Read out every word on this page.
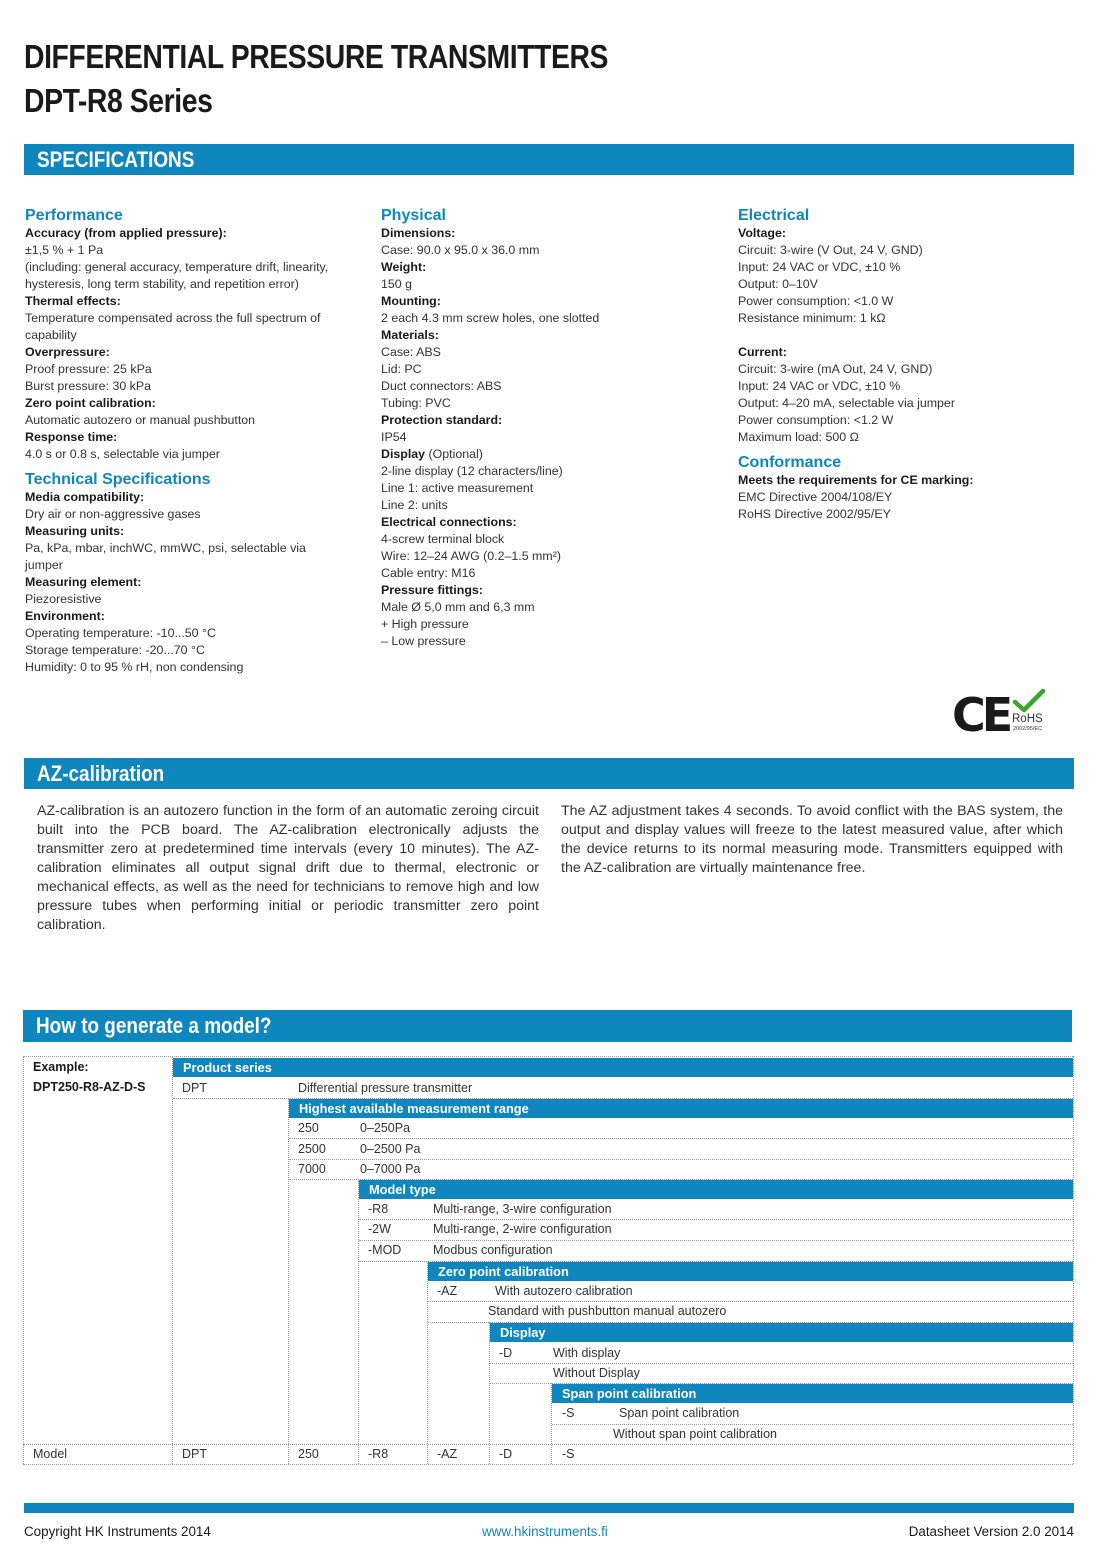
DIFFERENTIAL PRESSURE TRANSMITTERS
DPT-R8 Series
SPECIFICATIONS
Performance
Accuracy (from applied pressure):
±1,5 % + 1 Pa
(including: general accuracy, temperature drift, linearity,
hysteresis, long term stability, and repetition error)
Thermal effects:
Temperature compensated across the full spectrum of
capability
Overpressure:
Proof pressure: 25 kPa
Burst pressure: 30 kPa
Zero point calibration:
Automatic autozero or manual pushbutton
Response time:
4.0 s or 0.8 s, selectable via jumper
Technical Specifications
Media compatibility:
Dry air or non-aggressive gases
Measuring units:
Pa, kPa, mbar, inchWC, mmWC, psi, selectable via
jumper
Measuring element:
Piezoresistive
Environment:
Operating temperature: -10...50 °C
Storage temperature: -20...70 °C
Humidity: 0 to 95 % rH, non condensing
Physical
Dimensions:
Case: 90.0 x 95.0 x 36.0 mm
Weight:
150 g
Mounting:
2 each 4.3 mm screw holes, one slotted
Materials:
Case: ABS
Lid: PC
Duct connectors: ABS
Tubing: PVC
Protection standard:
IP54
Display (Optional)
2-line display (12 characters/line)
Line 1: active measurement
Line 2: units
Electrical connections:
4-screw terminal block
Wire: 12–24 AWG (0.2–1.5 mm²)
Cable entry: M16
Pressure fittings:
Male Ø 5,0 mm and 6,3 mm
+ High pressure
– Low pressure
Electrical
Voltage:
Circuit: 3-wire (V Out, 24 V, GND)
Input: 24 VAC or VDC, ±10 %
Output: 0–10V
Power consumption: <1.0 W
Resistance minimum: 1 kΩ
Current:
Circuit: 3-wire (mA Out, 24 V, GND)
Input: 24 VAC or VDC, ±10 %
Output: 4–20 mA, selectable via jumper
Power consumption: <1.2 W
Maximum load: 500 Ω
Conformance
Meets the requirements for CE marking:
EMC Directive 2004/108/EY
RoHS Directive 2002/95/EY
CE RoHS
2002/95/EC
AZ-calibration
AZ-calibration is an autozero function in the form of an automatic zeroing circuit built into the PCB board. The AZ-calibration electronically adjusts the transmitter zero at predetermined time intervals (every 10 minutes). The AZ-calibration eliminates all output signal drift due to thermal, electronic or mechanical effects, as well as the need for technicians to remove high and low pressure tubes when performing initial or periodic transmitter zero point calibration.
The AZ adjustment takes 4 seconds. To avoid conflict with the BAS system, the output and display values will freeze to the latest measured value, after which the device returns to its normal measuring mode. Transmitters equipped with the AZ-calibration are virtually maintenance free.
How to generate a model?
Example:
DPT250-R8-AZ-D-S
Product series
DPT	Differential pressure transmitter
Highest available measurement range
250	0–250Pa
2500	0–2500 Pa
7000	0–7000 Pa
Model type
-R8	Multi-range, 3-wire configuration
-2W	Multi-range, 2-wire configuration
-MOD	Modbus configuration
Zero point calibration
-AZ	With autozero calibration
Standard with pushbutton manual autozero
Display
-D	With display
Without Display
Span point calibration
-S	Span point calibration
Without span point calibration
Model	DPT	250	-R8	-AZ	-D	-S
Copyright HK Instruments 2014	www.hkinstruments.fi	Datasheet Version 2.0 2014
